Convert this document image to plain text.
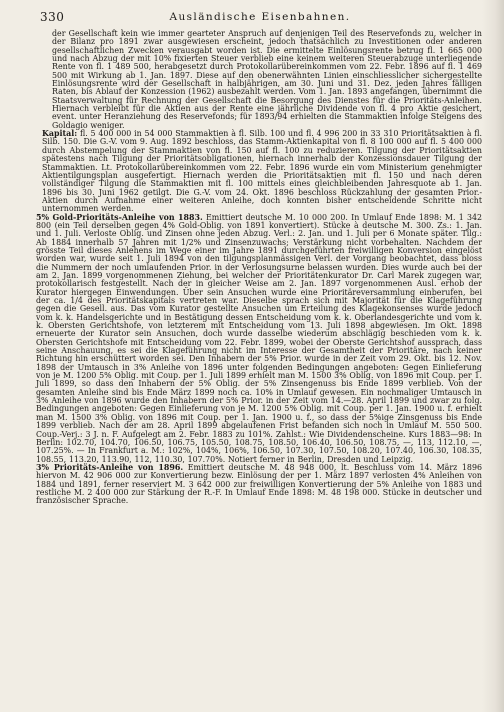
330	Ausländische Eisenbahnen.

der Gesellschaft kein wie immer gearteter Anspruch auf denjenigen Teil des Reservefonds zu, welcher in der Bilanz pro 1891 zwar ausgewiesen erscheint, jedoch thatsächlich zu Investitionen oder anderen gesellschaftlichen Zwecken verausgabt worden ist. Die ermittelte Einlösungsrente betrug fl. 1 665 000 und nach Abzug der mit 10% fixierten Steuer verblieb eine keinem weiteren Steuerabzuge unterliegende Rente von fl. 1 489 500, herabgesetzt durch Protokollarübereinkommen vom 22. Febr. 1896 auf fl. 1 469 500 mit Wirkung ab 1. Jan. 1897. Diese auf den obenerwähnten Linien einschliesslicher sichergestellte Einlösungsrente wird der Gesellschaft in halbjährigen, am 30. Juni und 31. Dez. jeden Jahres fälligen Raten, bis Ablauf der Konzession (1962) ausbezahlt werden. Vom 1. Jan. 1893 angefangen, übernimmt die Staatsverwaltung für Rechnung der Gesellschaft die Besorgung des Dienstes für die Prioritäts-Anleihen. Hiernach verbleibt für die Aktien aus der Rente eine jährliche Dividende von fl. 4 pro Aktie gesichert, event. unter Heranziehung des Reservefonds; für 1893/94 erhielten die Stammaktien infolge Steigens des Goldagio weniger.

Kapital: fl. 5 400 000 in 54 000 Stammaktien à fl. Silb. 100 und fl. 4 996 200 in 33 310 Prioritätsaktien à fl. Silb. 150. Die G.-V. vom 9. Aug. 1892 beschloss, das Stamm-Aktienkapital von fl. 8 100 000 auf fl. 5 400 000 durch Abstempelung der Stammaktien von fl. 150 auf fl. 100 zu reduzieren. Tilgung der Prioritätsaktien spätestens nach Tilgung der Prioritätsobligationen, hiernach innerhalb der Konzessionsdauer Tilgung der Stammaktien. Lt. Protokollarübereinkommen vom 22. Febr. 1896 wurde ein vom Ministerium genehmigter Aktientilgungsplan ausgefertigt. Hiernach werden die Prioritätsaktien mit fl. 150 und nach deren vollständiger Tilgung die Stammaktien mit fl. 100 mittels eines gleichbleibenden Jahresquote ab 1. Jan. 1896 bis 30. Juni 1962 getilgt. Die G.-V. vom 24. Okt. 1896 beschloss Rückzahlung der gesamten Prior.-Aktien durch Aufnahme einer weiteren Anleihe, doch konnten bisher entscheidende Schritte nicht unternommen werden.

5% Gold-Prioritäts-Anleihe von 1883. Emittiert deutsche M. 10 000 200. In Umlauf Ende 1898: M. 1 342 800 (ein Teil derselben gegen 4% Gold-Oblig. von 1891 konvertiert). Stücke à deutsche M. 300. Zs.: 1. Jan. und 1. Juli. Verloste Oblig. und Zinsen ohne jeden Abzug. Verl.: 2. Jan. und 1. Juli per 6 Monate später. Tilg.: Ab 1884 innerhalb 57 Jahren mit 1/2% und Zinsenzuwachs; Verstärkung nicht vorbehalten. Nachdem der grösste Teil dieses Anlehens im Wege einer im Jahre 1891 durchgeführten freiwilligen Konversion eingelöst worden war, wurde seit 1. Juli 1894 von den tilgungsplanmässigen Verl. der Vorgang beobachtet, dass bloss die Nummern der noch umlaufenden Prior. in der Verlosungsurne belassen wurden. Dies wurde auch bei der am 2. Jan. 1899 vorgenommenen Ziehung, bei welcher der Prioritätenkurator Dr. Carl Marek zugegen war, protokollarisch festgestellt. Nach der in gleicher Weise am 2. Jan. 1897 vorgenommenen Ausl. erhob der Kurator hiergegen Einwendungen. Über sein Ansuchen wurde eine Prioritäreversammlung einberufen, bei der ca. 1/4 des Prioritätskapitals vertreten war. Dieselbe sprach sich mit Majorität für die Klageführung gegen die Gesell. aus. Das vom Kurator gestellte Ansuchen um Erteilung des Klagekonsenses wurde jedoch vom k. k. Handelsgerichte und in Bestätigung dessen Entscheidung vom k. k. Oberlandesgerichte und vom k. k. Obersten Gerichtshofe, von letzterem mit Entscheidung vom 13. Juli 1898 abgewiesen. Im Okt. 1898 erneuerte der Kurator sein Ansuchen, doch wurde dasselbe wiederum abschlägig beschieden vom k. k. Obersten Gerichtshofe mit Entscheidung vom 22. Febr. 1899, wobei der Oberste Gerichtshof aussprach, dass seine Anschauung, es sei die Klageführung nicht im Interesse der Gesamtheit der Prioritäre, nach keiner Richtung hin erschüttert worden sei. Den Inhabern der 5% Prior. wurde in der Zeit vom 29. Okt. bis 12. Nov. 1898 der Umtausch in 3% Anleihe von 1896 unter folgenden Bedingungen angeboten: Gegen Einlieferung von je M. 1200 5% Oblig. mit Coup. per 1. Juli 1899 erhielt man M. 1500 3% Oblig. von 1896 mit Coup. per 1. Juli 1899, so dass den Inhabern der 5% Oblig. der 5% Zinsengenuss bis Ende 1899 verblieb. Von der gesamten Anleihe sind bis Ende März 1899 noch ca. 10% in Umlauf gewesen. Ein nochmaliger Umtausch in 3% Anleihe von 1896 wurde den Inhabern der 5% Prior. in der Zeit vom 14.—28. April 1899 und zwar zu folg. Bedingungen angeboten: Gegen Einlieferung von je M. 1200 5% Oblig. mit Coup. per 1. Jan. 1900 u. f. erhielt man M. 1500 3% Oblig. von 1896 mit Coup. per 1. Jan. 1900 u. f., so dass der 5%ige Zinsgenuss bis Ende 1899 verblieb. Nach der am 28. April 1899 abgelaufenen Frist befanden sich noch in Umlauf M. 550 500. Coup.-Verj.: 3 J. n. F. Aufgelegt am 2. Febr. 1883 zu 101%. Zahlst.: Wie Dividendenscheine. Kurs 1883—98: In Berlin: 102.70, 104.70, 106.50, 106.75, 105.50, 108.75, 108.50, 106.40, 106.50, 108.75, —, 113, 112.10, —, 107.25%. — In Frankfurt a. M.: 102%, 104%, 106%, 106.50, 107.30, 107.50, 108.20, 107.40, 106.30, 108.35, 108.55, 113.20, 113.90, 112, 110.30, 107.70%. Notiert ferner in Berlin, Dresden und Leipzig.

3% Prioritäts-Anleihe von 1896. Emittiert deutsche M. 48 948 000, lt. Beschluss vom 14. März 1896 hiervon M. 42 906 000 zur Konvertierung bezw. Einlösung der per 1. März 1897 verlosten 4% Anleihen von 1884 und 1891, ferner reserviert M. 3 642 000 zur freiwilligen Konvertierung der 5% Anleihe von 1883 und restliche M. 2 400 000 zur Stärkung der R.-F. In Umlauf Ende 1898: M. 48 198 000. Stücke in deutscher und französischer Sprache.
